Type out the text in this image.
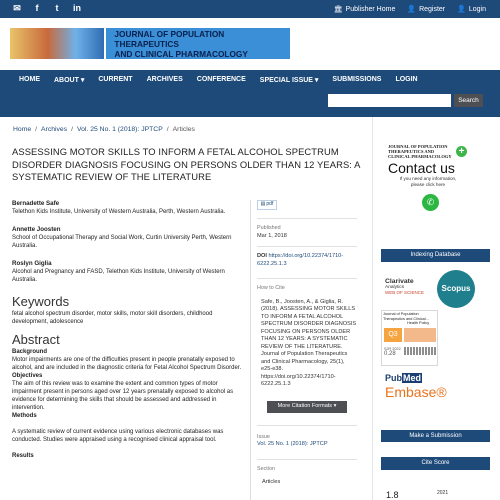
✉ f t in	🏛 Publisher Home 👤 Register 👤 Login
JOURNAL OF POPULATION THERAPEUTICS
AND CLINICAL PHARMACOLOGY
HOME ABOUT ▾ CURRENT ARCHIVES CONFERENCE SPECIAL ISSUE ▾ SUBMISSIONS LOGIN
Search
Home / Archives / Vol. 25 No. 1 (2018): JPTCP / Articles
ASSESSING MOTOR SKILLS TO INFORM A FETAL ALCOHOL SPECTRUM DISORDER DIAGNOSIS FOCUSING ON PERSONS OLDER THAN 12 YEARS: A SYSTEMATIC REVIEW OF THE LITERATURE
Bernadette Safe
Telethon Kids Institute, University of Western Australia, Perth, Western Australia.
Annette Joosten
School of Occupational Therapy and Social Work, Curtin University Perth, Western Australia.
Roslyn Giglia
Alcohol and Pregnancy and FASD, Telethon Kids Institute, University of Western Australia.
Keywords
fetal alcohol spectrum disorder, motor skills, motor skill disorders, childhood development, adolescence
Abstract
Background
Motor impairments are one of the difficulties present in people prenatally exposed to alcohol, and are included in the diagnostic criteria for Fetal Alcohol Spectrum Disorder.
Objectives
The aim of this review was to examine the extent and common types of motor impairment present in persons aged over 12 years prenatally exposed to alcohol as evidence for determining the skills that should be assessed and addressed in intervention.
Methods
A systematic review of current evidence using various electronic databases was conducted. Studies were appraised using a recognised clinical appraisal tool.
Results
▤ pdf
Published
Mar 1, 2018
DOI https://doi.org/10.22374/1710-6222.25.1.3
How to Cite
Safe, B., Joosten, A., & Giglia, R. (2018). ASSESSING MOTOR SKILLS TO INFORM A FETAL ALCOHOL SPECTRUM DISORDER DIAGNOSIS FOCUSING ON PERSONS OLDER THAN 12 YEARS: A SYSTEMATIC REVIEW OF THE LITERATURE. Journal of Population Therapeutics and Clinical Pharmacology, 25(1), e25-e38. https://doi.org/10.22374/1710-6222.25.1.3
More Citation Formats ▾
Issue
Vol. 25 No. 1 (2018): JPTCP
Section
Articles
JOURNAL OF POPULATION
THERAPEUTICS AND
CLINICAL PHARMACOLOGY +
Contact us
If you need any information,
please click here
✆
Indexing Database
Clarivate
Analytics
WEB OF SCIENCE	Scopus
Journal of Population Therapeutics and Clinical...
Health Policy
Q3
SJR 2022
0.28
PubMed
Embase®
Make a Submission
Cite Score
1.8	2021
